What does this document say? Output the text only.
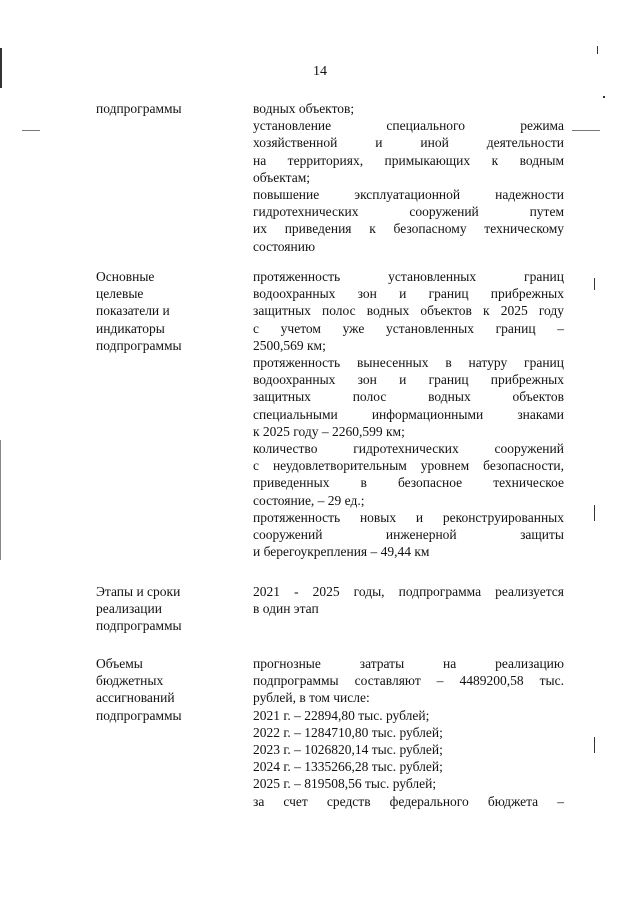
14
подпрограммы	водных объектов;
установление специального режима
хозяйственной и иной деятельности
на территориях, примыкающих к водным
объектам;
повышение эксплуатационной надежности
гидротехнических сооружений путем
их приведения к безопасному техническому
состоянию
Основные
целевые
показатели и
индикаторы
подпрограммы
протяженность установленных границ
водоохранных зон и границ прибрежных
защитных полос водных объектов к 2025 году
с учетом уже установленных границ –
2500,569 км;
протяженность вынесенных в натуру границ
водоохранных зон и границ прибрежных
защитных полос водных объектов
специальными информационными знаками
к 2025 году – 2260,599 км;
количество гидротехнических сооружений
с неудовлетворительным уровнем безопасности,
приведенных в безопасное техническое
состояние, – 29 ед.;
протяженность новых и реконструированных
сооружений инженерной защиты
и берегоукрепления – 49,44 км
Этапы и сроки
реализации
подпрограммы
2021 - 2025 годы, подпрограмма реализуется
в один этап
Объемы
бюджетных
ассигнований
подпрограммы
прогнозные затраты на реализацию
подпрограммы составляют – 4489200,58 тыс.
рублей, в том числе:
2021 г. – 22894,80 тыс. рублей;
2022 г. – 1284710,80 тыс. рублей;
2023 г. – 1026820,14 тыс. рублей;
2024 г. – 1335266,28 тыс. рублей;
2025 г. – 819508,56 тыс. рублей;
за счет средств федерального бюджета –
